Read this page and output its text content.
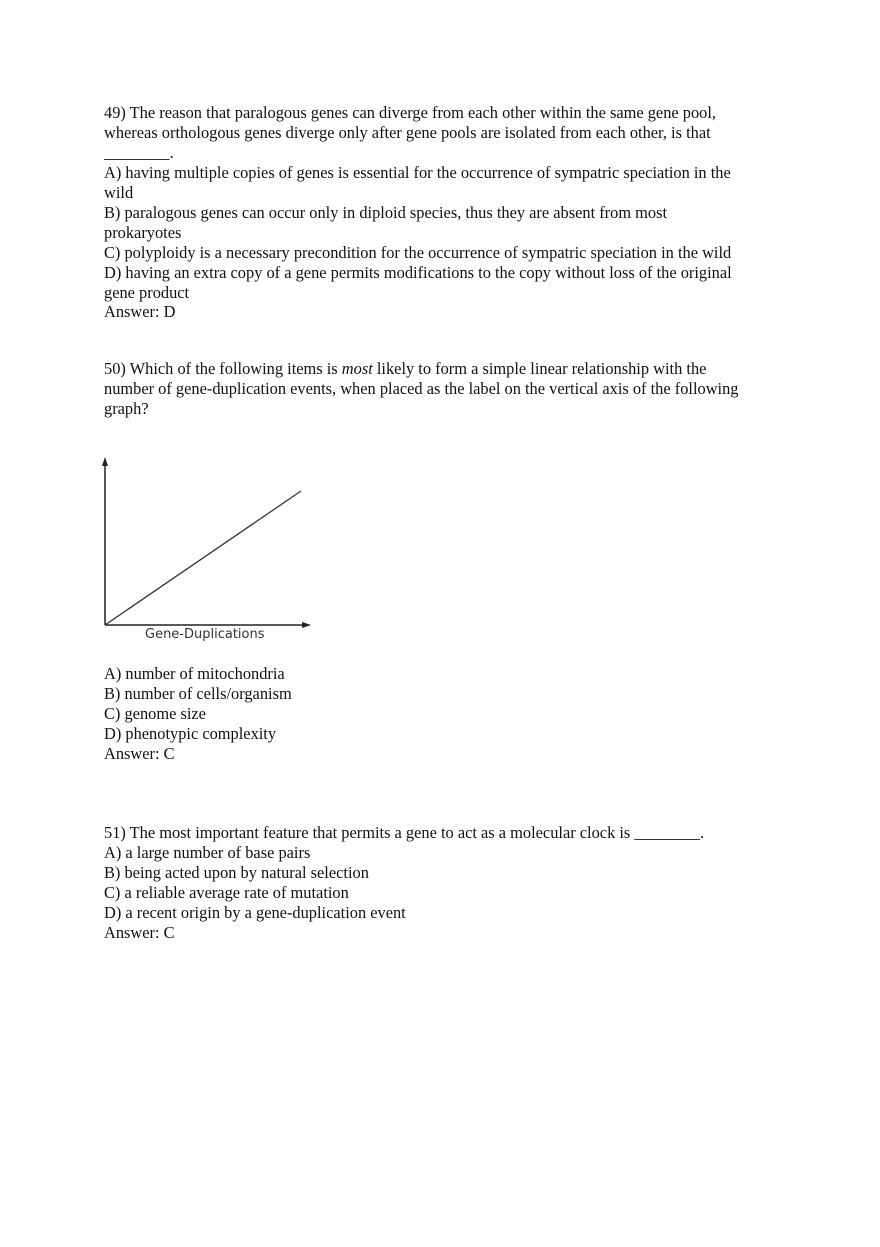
49) The reason that paralogous genes can diverge from each other within the same gene pool,
whereas orthologous genes diverge only after gene pools are isolated from each other, is that
________.
A) having multiple copies of genes is essential for the occurrence of sympatric speciation in the
wild
B) paralogous genes can occur only in diploid species, thus they are absent from most
prokaryotes
C) polyploidy is a necessary precondition for the occurrence of sympatric speciation in the wild
D) having an extra copy of a gene permits modifications to the copy without loss of the original
gene product
Answer: D
50) Which of the following items is most likely to form a simple linear relationship with the
number of gene-duplication events, when placed as the label on the vertical axis of the following
graph?
Gene-Duplications
A) number of mitochondria
B) number of cells/organism
C) genome size
D) phenotypic complexity
Answer: C
51) The most important feature that permits a gene to act as a molecular clock is ________.
A) a large number of base pairs
B) being acted upon by natural selection
C) a reliable average rate of mutation
D) a recent origin by a gene-duplication event
Answer: C
